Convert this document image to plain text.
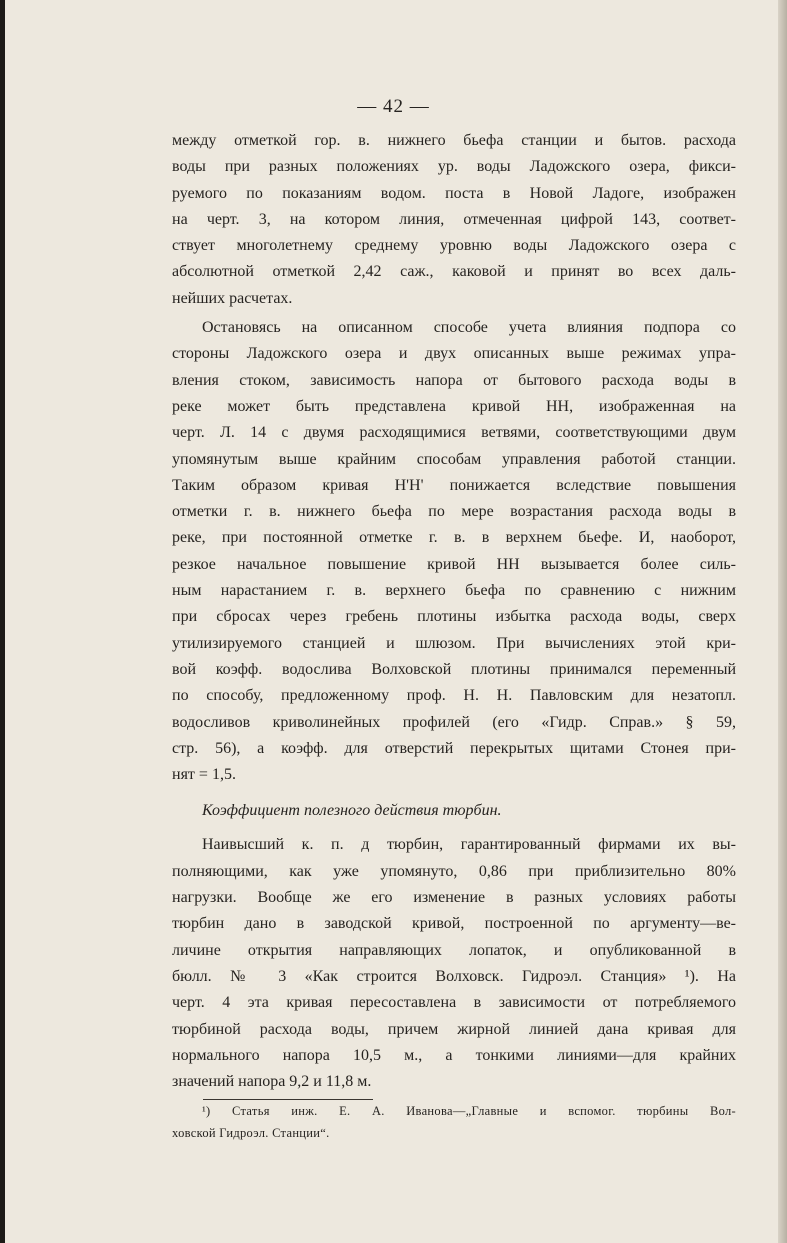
— 42 —
между отметкой гор. в. нижнего бьефа станции и бытов. расхода
воды при разных положениях ур. воды Ладожского озера, фикси-
руемого по показаниям водом. поста в Новой Ладоге, изображен
на черт. 3, на котором линия, отмеченная цифрой 143, соответ-
ствует многолетнему среднему уровню воды Ладожского озера с
абсолютной отметкой 2,42 саж., каковой и принят во всех даль-
нейших расчетах.
Остановясь на описанном способе учета влияния подпора со
стороны Ладожского озера и двух описанных выше режимах упра-
вления стоком, зависимость напора от бытового расхода воды в
реке может быть представлена кривой НН, изображенная на
черт. Л. 14 с двумя расходящимися ветвями, соответствующими двум
упомянутым выше крайним способам управления работой станции.
Таким образом кривая Н'Н' понижается вследствие повышения
отметки г. в. нижнего бьефа по мере возрастания расхода воды в
реке, при постоянной отметке г. в. в верхнем бьефе. И, наоборот,
резкое начальное повышение кривой НН вызывается более силь-
ным нарастанием г. в. верхнего бьефа по сравнению с нижним
при сбросах через гребень плотины избытка расхода воды, сверх
утилизируемого станцией и шлюзом. При вычислениях этой кри-
вой коэфф. водослива Волховской плотины принимался переменный
по способу, предложенному проф. Н. Н. Павловским для незатопл.
водосливов криволинейных профилей (его «Гидр. Справ.» § 59,
стр. 56), а коэфф. для отверстий перекрытых щитами Стонея при-
нят = 1,5.
Коэффициент полезного действия тюрбин.
Наивысший к. п. д тюрбин, гарантированный фирмами их вы-
полняющими, как уже упомянуто, 0,86 при приблизительно 80%
нагрузки. Вообще же его изменение в разных условиях работы
тюрбин дано в заводской кривой, построенной по аргументу—ве-
личине открытия направляющих лопаток, и опубликованной в
бюлл. № 3 «Как строится Волховск. Гидроэл. Станция» ¹). На
черт. 4 эта кривая пересоставлена в зависимости от потребляемого
тюрбиной расхода воды, причем жирной линией дана кривая для
нормального напора 10,5 м., а тонкими линиями—для крайних
значений напора 9,2 и 11,8 м.
¹) Статья инж. Е. А. Иванова—„Главные и вспомог. тюрбины Вол-
ховской Гидроэл. Станции“.
